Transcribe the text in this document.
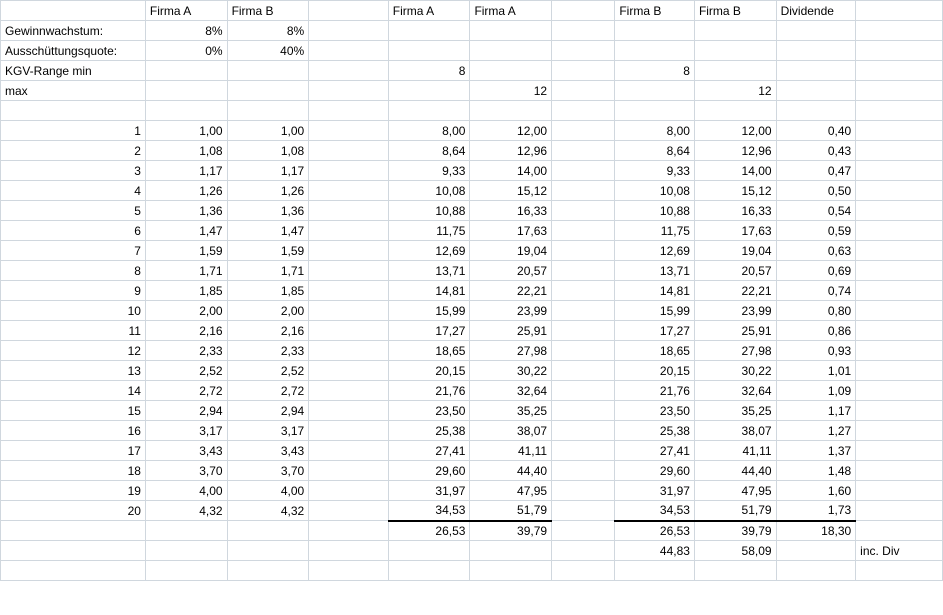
	Firma A	Firma B		Firma A	Firma A		Firma B	Firma B	Dividende	
Gewinnwachstum:	8%	8%								
Ausschüttungsquote:	0%	40%								
KGV-Range min				8			8			
max					12			12		

1	1,00	1,00		8,00	12,00		8,00	12,00	0,40	
2	1,08	1,08		8,64	12,96		8,64	12,96	0,43	
3	1,17	1,17		9,33	14,00		9,33	14,00	0,47	
4	1,26	1,26		10,08	15,12		10,08	15,12	0,50	
5	1,36	1,36		10,88	16,33		10,88	16,33	0,54	
6	1,47	1,47		11,75	17,63		11,75	17,63	0,59	
7	1,59	1,59		12,69	19,04		12,69	19,04	0,63	
8	1,71	1,71		13,71	20,57		13,71	20,57	0,69	
9	1,85	1,85		14,81	22,21		14,81	22,21	0,74	
10	2,00	2,00		15,99	23,99		15,99	23,99	0,80	
11	2,16	2,16		17,27	25,91		17,27	25,91	0,86	
12	2,33	2,33		18,65	27,98		18,65	27,98	0,93	
13	2,52	2,52		20,15	30,22		20,15	30,22	1,01	
14	2,72	2,72		21,76	32,64		21,76	32,64	1,09	
15	2,94	2,94		23,50	35,25		23,50	35,25	1,17	
16	3,17	3,17		25,38	38,07		25,38	38,07	1,27	
17	3,43	3,43		27,41	41,11		27,41	41,11	1,37	
18	3,70	3,70		29,60	44,40		29,60	44,40	1,48	
19	4,00	4,00		31,97	47,95		31,97	47,95	1,60	
20	4,32	4,32		34,53	51,79		34,53	51,79	1,73	
				26,53	39,79		26,53	39,79	18,30	
							44,83	58,09		inc. Div
